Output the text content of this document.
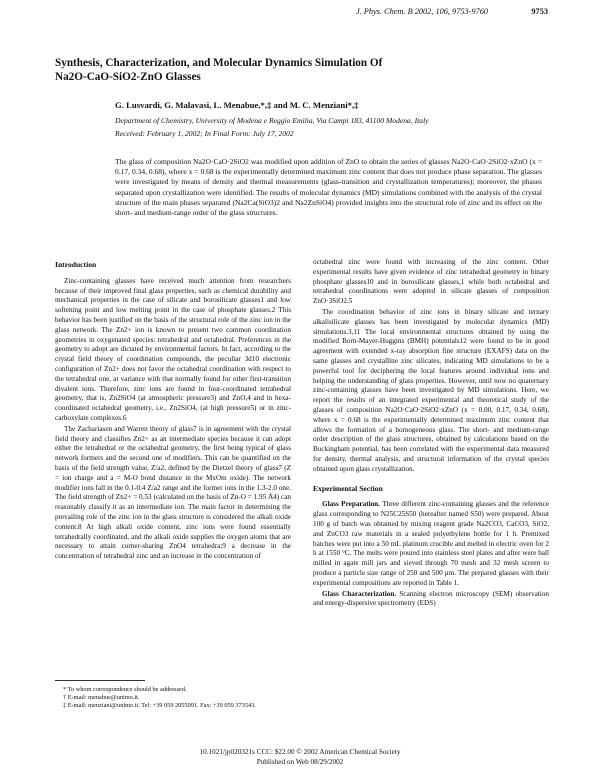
J. Phys. Chem. B 2002, 106, 9753-9760	9753
Synthesis, Characterization, and Molecular Dynamics Simulation Of
Na2O-CaO-SiO2-ZnO Glasses
G. Lusvardi, G. Malavasi, L. Menabue,*,‡ and M. C. Menziani*,‡
Department of Chemistry, University of Modena e Reggio Emilia, Via Campi 183, 41100 Modena, Italy
Received: February 1, 2002; In Final Form: July 17, 2002

The glass of composition Na2O·CaO·2SiO2 was modified upon addition of ZnO to obtain the series of glasses Na2O·CaO·2SiO2·xZnO (x = 0.17, 0.34, 0.68), where x = 0.68 is the experimentally determined maximum zinc content that does not produce phase separation. The glasses were investigated by means of density and thermal measurements (glass-transition and crystallization temperatures); moreover, the phases separated upon crystallization were identified. The results of molecular dynamics (MD) simulations combined with the analysis of the crystal structure of the main phases separated (Na2Ca(SiO3)2 and Na2ZnSiO4) provided insights into the structural role of zinc and its effect on the short- and medium-range order of the glass structures.

Introduction

Zinc-containing glasses have received much attention from researchers because of their improved final glass properties, such as chemical durability and mechanical properties in the case of silicate and borosilicate glasses1 and low softening point and low melting point in the case of phosphate glasses.2 This behavior has been justified on the basis of the structural role of the zinc ion in the glass network. The Zn2+ ion is known to present two common coordination geometries in oxygenated species: tetrahedral and octahedral. Preferences in the geometry to adopt are dictated by environmental factors. In fact, according to the crystal field theory of coordination compounds, the peculiar 3d10 electronic configuration of Zn2+ does not favor the octahedral coordination with respect to the tetrahedral one, at variance with that normally found for other first-transition divalent ions. Therefore, zinc ions are found in four-coordinated tetrahedral geometry, that is, Zn2SiO4 (at atmospheric pressure3) and ZnO,4 and in hexa-coordinated octahedral geometry, i.e., Zn2SiO4, (at high pressure5) or in zinc-carboxylate complexes.6

The Zachariasen and Warren theory of glass7 is in agreement with the crystal field theory and classifies Zn2+ as an intermediate species because it can adopt either the tetrahedral or the octahedral geometry, the first being typical of glass network formers and the second one of modifiers. This can be quantified on the basis of the field strength value, Z/a2, defined by the Dietzel theory of glass7 (Z = ion charge and a = M-O bond distance in the MxOm oxide). The network modifier ions fall in the 0.1-0.4 Z/a2 range and the former ions in the 1.3-2.0 one. The field strength of Zn2+ = 0.53 (calculated on the basis of Zn-O = 1.95 Å4) can reasonably classify it as an intermediate ion. The main factor in determining the prevailing role of the zinc ion in the glass structure is considered the alkali oxide content.8 At high alkali oxide content, zinc ions were found essentially tetrahedrally coordinated, and the alkali oxide supplies the oxygen atoms that are necessary to attain corner-sharing ZnO4 tetrahedra;9 a decrease in the concentration of tetrahedral zinc and an increase in the concentration of

octahedral zinc were found with increasing of the zinc content. Other experimental results have given evidence of zinc tetrahedral geometry in binary phosphate glasses10 and in borosilicate glasses,1 while both octahedral and tetrahedral coordinations were adopted in silicate glasses of composition ZnO·3SiO2.5

The coordination behavior of zinc ions in binary silicate and ternary alkalisilicate glasses has been investigated by molecular dynamics (MD) simulations.3,11 The local environmental structures obtained by using the modified Born-Mayer-Huggins (BMH) potentials12 were found to be in good agreement with extended x-ray absorption fine structure (EXAFS) data on the same glasses and crystalline zinc silicates, indicating MD simulations to be a powerful tool for deciphering the local features around individual ions and helping the understanding of glass properties. However, until now no quaternary zinc-containing glasses have been investigated by MD simulations. Here, we report the results of an integrated experimental and theoretical study of the glasses of composition Na2O·CaO·2SiO2·xZnO (x = 0.00, 0.17, 0.34, 0.68), where x = 0.68 is the experimentally determined maximum zinc content that allows the formation of a homogeneous glass. The short- and medium-range order description of the glass structures, obtained by calculations based on the Buckingham potential, has been correlated with the experimental data measured for density, thermal analysis, and structural information of the crystal species obtained upon glass crystallization.

Experimental Section

Glass Preparation. Three different zinc-containing glasses and the reference glass corresponding to N25C25S50 (hereafter named S50) were prepared. About 100 g of batch was obtained by mixing reagent grade Na2CO3, CaCO3, SiO2, and ZnCO3 raw materials in a sealed polyethylene bottle for 1 h. Premixed batches were put into a 50 mL platinum crucible and melted in electric oven for 2 h at 1550 °C. The melts were poured into stainless steel plates and after were ball milled in agate mill jars and sieved through 70 mesh and 32 mesh screen to produce a particle size range of 250 and 500 μm. The prepared glasses with their experimental compositions are reported in Table 1.

Glass Characterization. Scanning electron microscopy (SEM) observation and energy-dispersive spectrometry (EDS)

* To whom correspondence should be addressed.
† E-mail: menabue@unimo.it.
‡ E-mail: menziani@unimo.it. Tel: +39 059 2055091. Fax: +39 059 373543.
10.1021/jp020321s CCC: $22.00 © 2002 American Chemical Society
Published on Web 08/29/2002
